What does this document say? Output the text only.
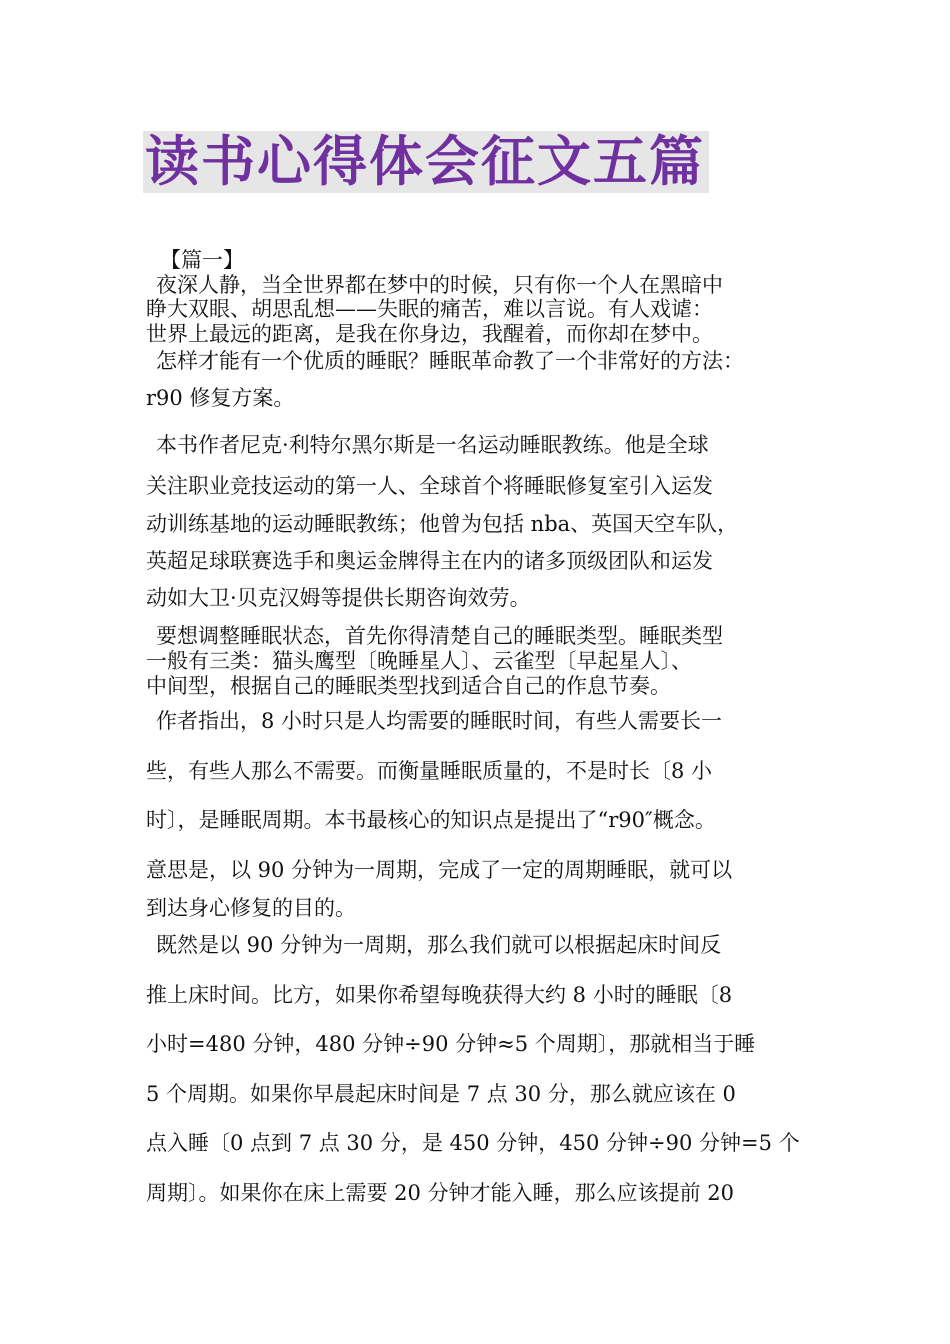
读书心得体会征文五篇

【篇一】

夜深人静，当全世界都在梦中的时候，只有你一个人在黑暗中

睁大双眼、胡思乱想——失眠的痛苦，难以言说。有人戏谑：

世界上最远的距离，是我在你身边，我醒着，而你却在梦中。

怎样才能有一个优质的睡眠？睡眠革命教了一个非常好的方法：

r90 修复方案。

本书作者尼克·利特尔黑尔斯是一名运动睡眠教练。他是全球

关注职业竞技运动的第一人、全球首个将睡眠修复室引入运发

动训练基地的运动睡眠教练；他曾为包括 nba、英国天空车队，

英超足球联赛选手和奥运金牌得主在内的诸多顶级团队和运发

动如大卫·贝克汉姆等提供长期咨询效劳。

要想调整睡眠状态，首先你得清楚自己的睡眠类型。睡眠类型

一般有三类：猫头鹰型〔晚睡星人〕、云雀型〔早起星人〕、

中间型，根据自己的睡眠类型找到适合自己的作息节奏。

作者指出，8 小时只是人均需要的睡眠时间，有些人需要长一

些，有些人那么不需要。而衡量睡眠质量的，不是时长〔8 小

时〕，是睡眠周期。本书最核心的知识点是提出了“r90″概念。

意思是，以 90 分钟为一周期，完成了一定的周期睡眠，就可以

到达身心修复的目的。

既然是以 90 分钟为一周期，那么我们就可以根据起床时间反

推上床时间。比方，如果你希望每晚获得大约 8 小时的睡眠〔8

小时=480 分钟，480 分钟÷90 分钟≈5 个周期〕，那就相当于睡

5 个周期。如果你早晨起床时间是 7 点 30 分，那么就应该在 0

点入睡〔0 点到 7 点 30 分，是 450 分钟，450 分钟÷90 分钟=5 个

周期〕。如果你在床上需要 20 分钟才能入睡，那么应该提前 20
